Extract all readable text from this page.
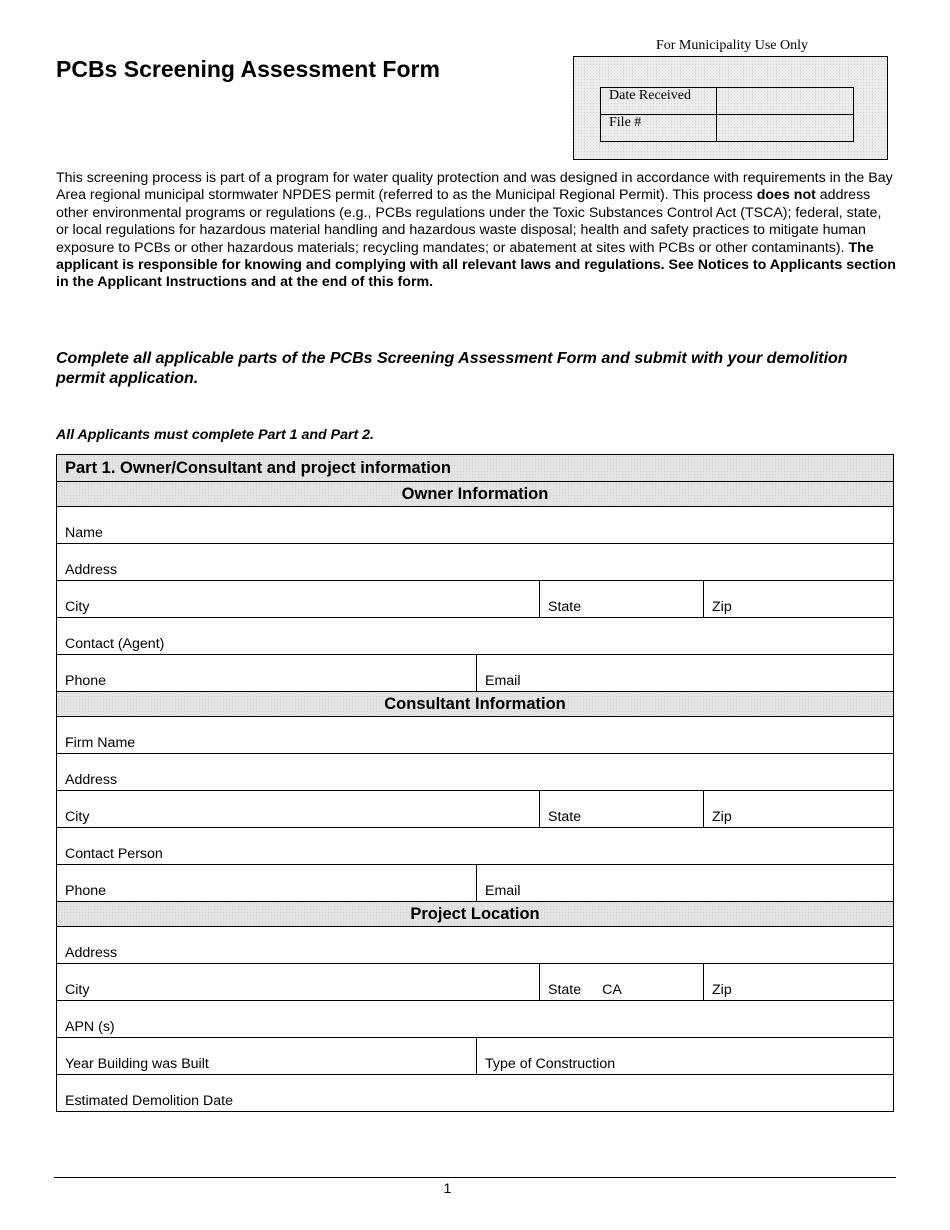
PCBs Screening Assessment Form
For Municipality Use Only
Date Received	
File #	

This screening process is part of a program for water quality protection and was designed in accordance with requirements in the Bay Area regional municipal stormwater NPDES permit (referred to as the Municipal Regional Permit). This process does not address other environmental programs or regulations (e.g., PCBs regulations under the Toxic Substances Control Act (TSCA); federal, state, or local regulations for hazardous material handling and hazardous waste disposal; health and safety practices to mitigate human exposure to PCBs or other hazardous materials; recycling mandates; or abatement at sites with PCBs or other contaminants). The applicant is responsible for knowing and complying with all relevant laws and regulations. See Notices to Applicants section in the Applicant Instructions and at the end of this form.

Complete all applicable parts of the PCBs Screening Assessment Form and submit with your demolition permit application.

All Applicants must complete Part 1 and Part 2.

Part 1. Owner/Consultant and project information
Owner Information
Name
Address
City	State	Zip
Contact (Agent)
Phone	Email
Consultant Information
Firm Name
Address
City	State	Zip
Contact Person
Phone	Email
Project Location
Address
City	State CA	Zip
APN (s)
Year Building was Built	Type of Construction
Estimated Demolition Date
1
